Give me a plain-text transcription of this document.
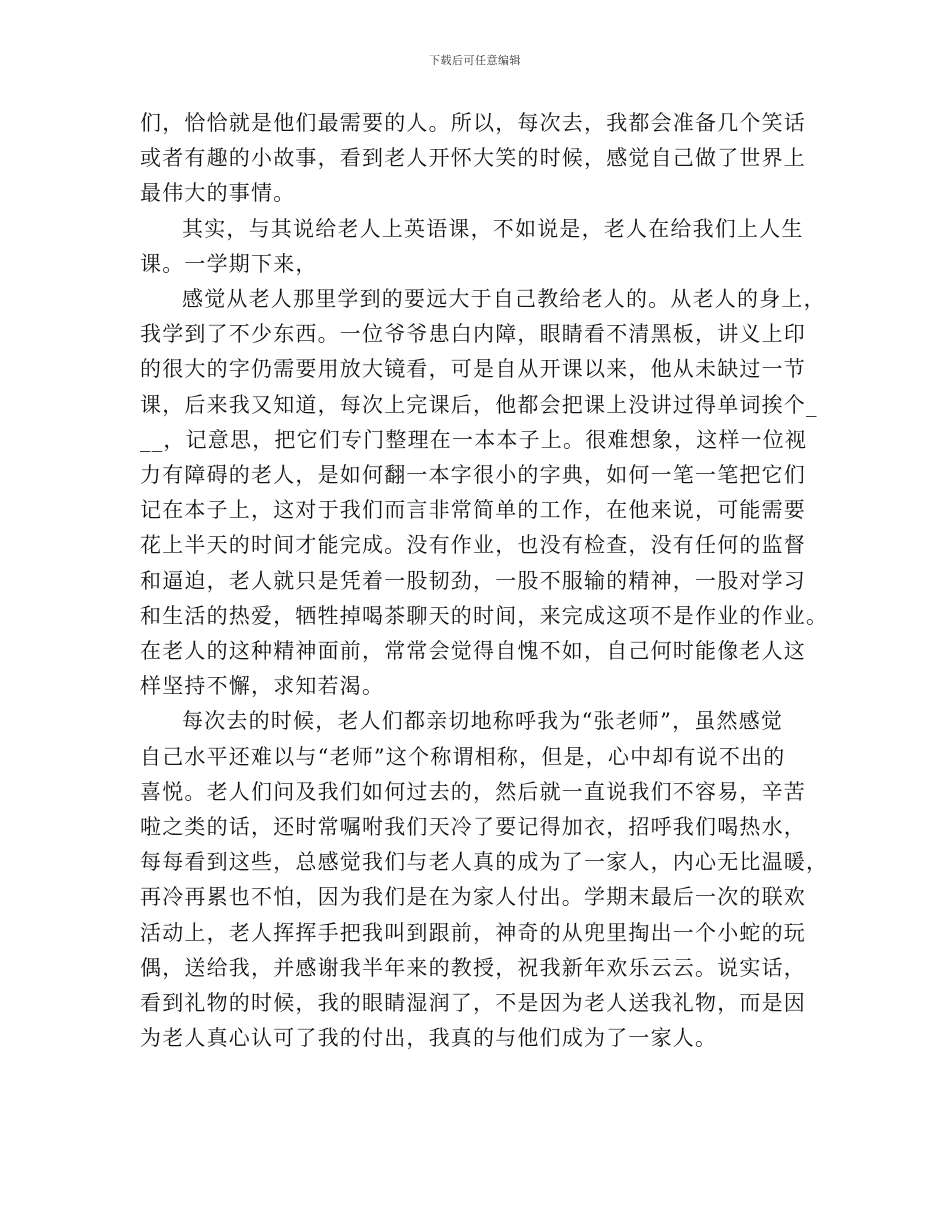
下载后可任意编辑

们，恰恰就是他们最需要的人。所以，每次去，我都会准备几个笑话
或者有趣的小故事，看到老人开怀大笑的时候，感觉自己做了世界上
最伟大的事情。

其实，与其说给老人上英语课，不如说是，老人在给我们上人生
课。一学期下来，

感觉从老人那里学到的要远大于自己教给老人的。从老人的身上，
我学到了不少东西。一位爷爷患白内障，眼睛看不清黑板，讲义上印
的很大的字仍需要用放大镜看，可是自从开课以来，他从未缺过一节
课，后来我又知道，每次上完课后，他都会把课上没讲过得单词挨个_
__，记意思，把它们专门整理在一本本子上。很难想象，这样一位视
力有障碍的老人，是如何翻一本字很小的字典，如何一笔一笔把它们
记在本子上，这对于我们而言非常简单的工作，在他来说，可能需要
花上半天的时间才能完成。没有作业，也没有检查，没有任何的监督
和逼迫，老人就只是凭着一股韧劲，一股不服输的精神，一股对学习
和生活的热爱，牺牲掉喝茶聊天的时间，来完成这项不是作业的作业。
在老人的这种精神面前，常常会觉得自愧不如，自己何时能像老人这
样坚持不懈，求知若渴。

每次去的时候，老人们都亲切地称呼我为“张老师”，虽然感觉
自己水平还难以与“老师”这个称谓相称，但是，心中却有说不出的
喜悦。老人们问及我们如何过去的，然后就一直说我们不容易，辛苦
啦之类的话，还时常嘱咐我们天冷了要记得加衣，招呼我们喝热水，
每每看到这些，总感觉我们与老人真的成为了一家人，内心无比温暖，
再冷再累也不怕，因为我们是在为家人付出。学期末最后一次的联欢
活动上，老人挥挥手把我叫到跟前，神奇的从兜里掏出一个小蛇的玩
偶，送给我，并感谢我半年来的教授，祝我新年欢乐云云。说实话，
看到礼物的时候，我的眼睛湿润了，不是因为老人送我礼物，而是因
为老人真心认可了我的付出，我真的与他们成为了一家人。
